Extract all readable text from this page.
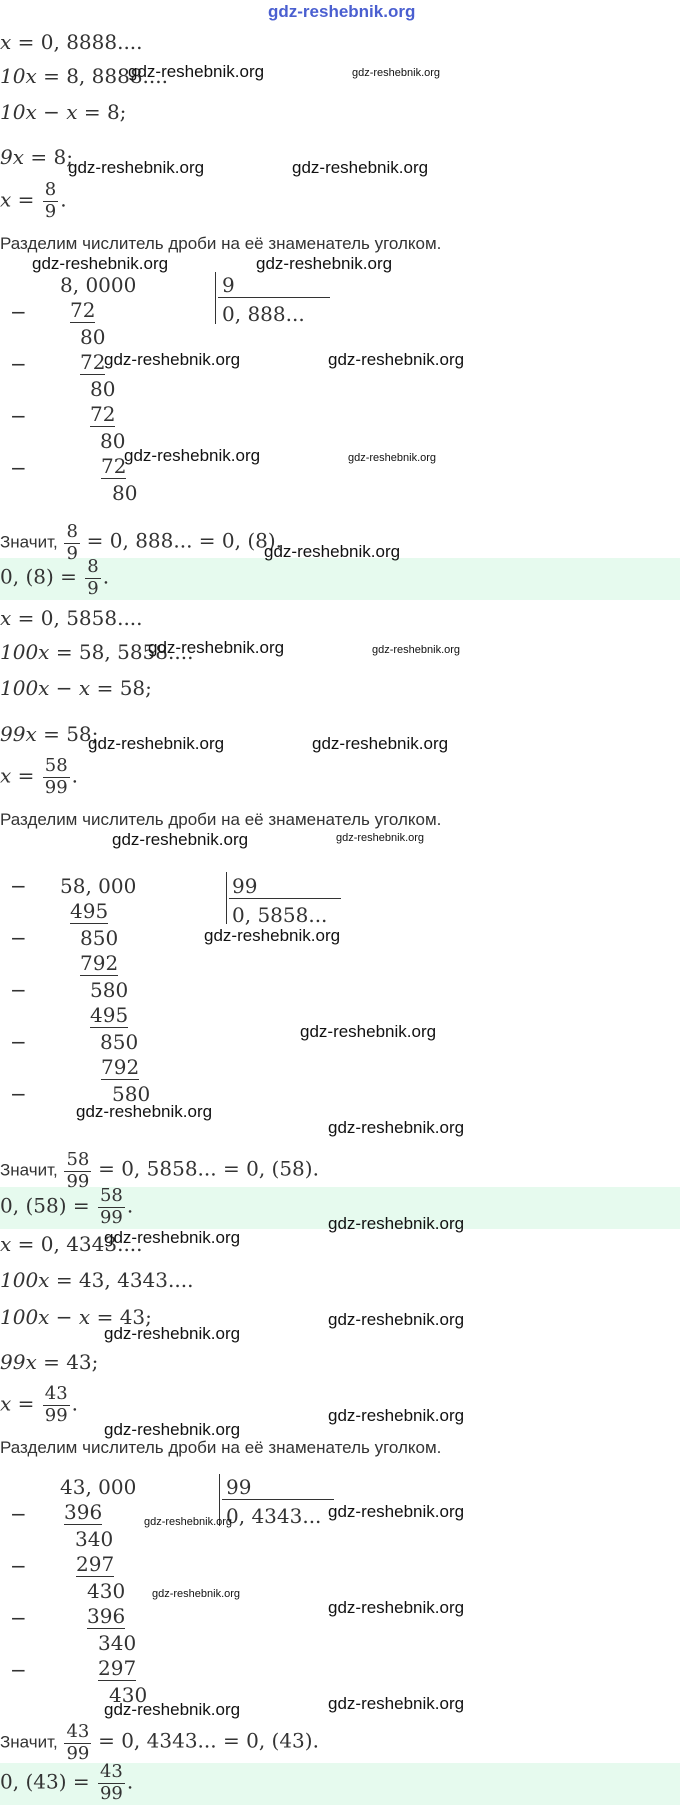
gdz-reshebnik.org
x = 0, 8888....
10x = 8, 8888....
10x − x = 8;
9x = 8;
$x = \frac{8}{9}$ .
Разделим числитель дроби на её знаменатель уголком.
8, 0000	9
0, 888...
− 72
80
−	72
80
−	72
80
−	72
80
Значит, $\frac{8}{9} = 0$, 888... = 0, (8).
0, $(8) = \frac{8}{9}$ .
x = 0, 5858....
100x = 58, 5858....
100x − x = 58;
99x = 58;
$x = \frac{58}{99}$ .
Разделим числитель дроби на её знаменатель уголком.
58, 000
−	99
0, 5858...
495
−	850
792
−	580
495
−	850
792
−	580
Значит, $\frac{58}{99} = 0$, 5858... = 0, (58).
0, $(58) = \frac{58}{99}$ .
x = 0, 4343....
100x = 43, 4343....
100x − x = 43;
99x = 43;
$x = \frac{43}{99}$ .
Разделим числитель дроби на её знаменатель уголком.
43, 000	99
0, 4343...
− 396
340
− 297
430
−	396
340
−	297
430
Значит, $\frac{43}{99} = 0$, 4343... = 0, (43).
0, $(43) = \frac{43}{99}$ .
gdz-reshebnik.org
gdz-reshebnik.org	gdz-reshebnik.org
gdz-reshebnik.org	gdz-reshebnik.org
gdz-reshebnik.org	gdz-reshebnik.org
gdz-reshebnik.org
gdz-reshebnik.org
gdz-reshebnik.org
gdz-reshebnik.org	gdz-reshebnik.org
gdz-reshebnik.org
gdz-reshebnik.org
gdz-reshebnik.org
gdz-reshebnik.org
gdz-reshebnik.org
gdz-reshebnik.org
gdz-reshebnik.org
gdz-reshebnik.org
gdz-reshebnik.org
gdz-reshebnik.org
gdz-reshebnik.org
gdz-reshebnik.org
gdz-reshebnik.org
gdz-reshebnik.org
gdz-reshebnik.org
gdz-reshebnik.org
gdz-reshebnik.org
gdz-reshebnik.org
gdz-reshebnik.org
gdz-reshebnik.org
gdz-reshebnik.org
